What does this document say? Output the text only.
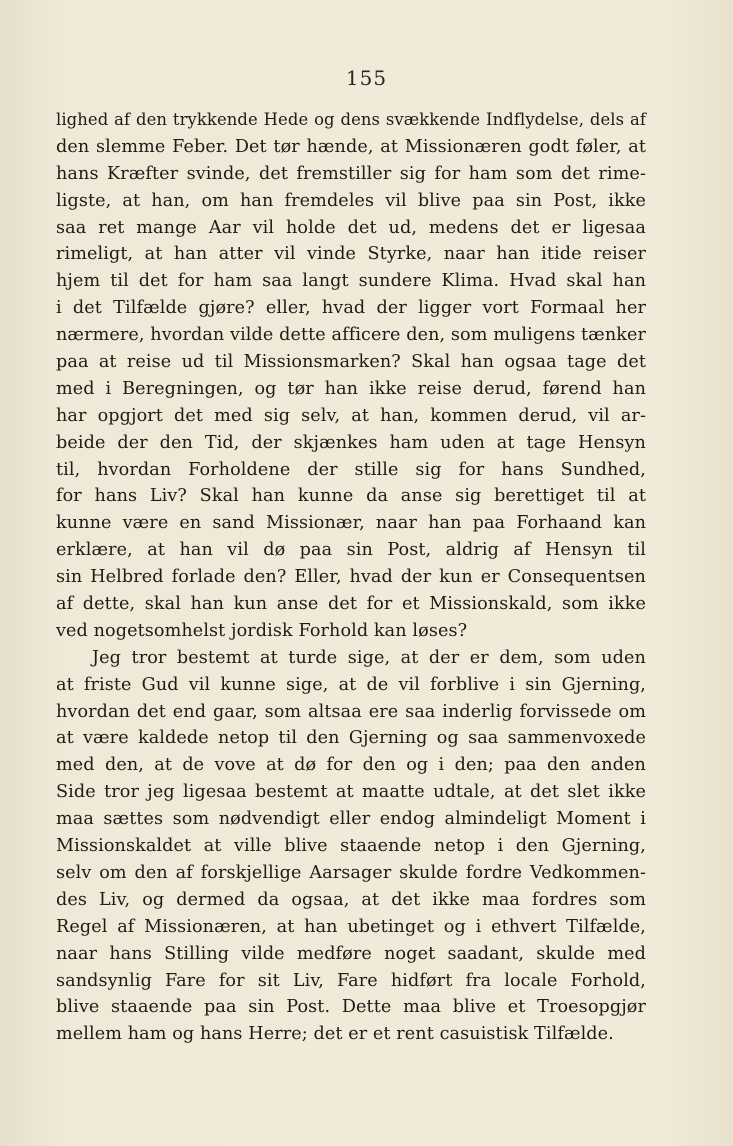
155
lighed af den trykkende Hede og dens svækkende Indflydelse, dels af
den slemme Feber. Det tør hænde, at Missionæren godt føler, at
hans Kræfter svinde, det fremstiller sig for ham som det rime-
ligste, at han, om han fremdeles vil blive paa sin Post, ikke
saa ret mange Aar vil holde det ud, medens det er ligesaa
rimeligt, at han atter vil vinde Styrke, naar han itide reiser
hjem til det for ham saa langt sundere Klima. Hvad skal han
i det Tilfælde gjøre? eller, hvad der ligger vort Formaal her
nærmere, hvordan vilde dette afficere den, som muligens tænker
paa at reise ud til Missionsmarken? Skal han ogsaa tage det
med i Beregningen, og tør han ikke reise derud, førend han
har opgjort det med sig selv, at han, kommen derud, vil ar-
beide der den Tid, der skjænkes ham uden at tage Hensyn
til, hvordan Forholdene der stille sig for hans Sundhed,
for hans Liv? Skal han kunne da anse sig berettiget til at
kunne være en sand Missionær, naar han paa Forhaand kan
erklære, at han vil dø paa sin Post, aldrig af Hensyn til
sin Helbred forlade den? Eller, hvad der kun er Consequentsen
af dette, skal han kun anse det for et Missionskald, som ikke
ved nogetsomhelst jordisk Forhold kan løses?
Jeg tror bestemt at turde sige, at der er dem, som uden
at friste Gud vil kunne sige, at de vil forblive i sin Gjerning,
hvordan det end gaar, som altsaa ere saa inderlig forvissede om
at være kaldede netop til den Gjerning og saa sammenvoxede
med den, at de vove at dø for den og i den; paa den anden
Side tror jeg ligesaa bestemt at maatte udtale, at det slet ikke
maa sættes som nødvendigt eller endog almindeligt Moment i
Missionskaldet at ville blive staaende netop i den Gjerning,
selv om den af forskjellige Aarsager skulde fordre Vedkommen-
des Liv, og dermed da ogsaa, at det ikke maa fordres som
Regel af Missionæren, at han ubetinget og i ethvert Tilfælde,
naar hans Stilling vilde medføre noget saadant, skulde med
sandsynlig Fare for sit Liv, Fare hidført fra locale Forhold,
blive staaende paa sin Post. Dette maa blive et Troesopgjør
mellem ham og hans Herre; det er et rent casuistisk Tilfælde.
